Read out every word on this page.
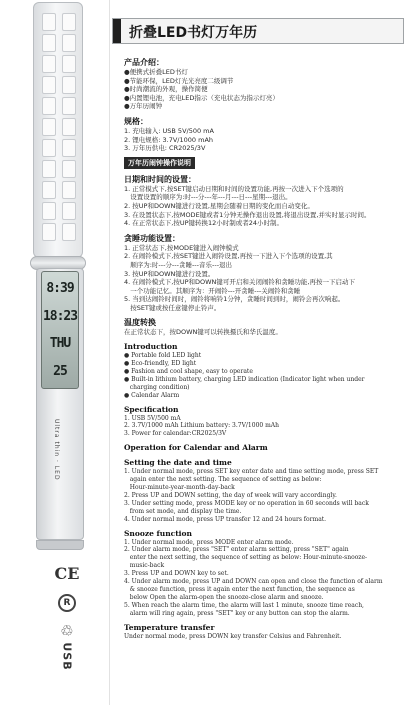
8:39
18:23
THU
25
Ultra thin · LED
CE
R
♲
USB
折叠LED书灯万年历
产品介绍：
●便携式折叠LED书灯
●节能环保，LED灯光光亮度二级调节
●时尚潮流的外观，操作简便
●内置锂电池，充电LED指示（充电状态为指示灯亮）
●万年历闹钟
规格：
1. 充电输入: USB 5V/500 mA
2. 锂电规格: 3.7V/1000 mAh
3. 万年历供电: CR2025/3V
万年历闹钟操作说明
日期和时间的设置：
1. 正常模式下,按SET键启动日期和时间的设置功能,再按一次进入下个选项的
设置设置的顺序为:时---分---年---月---日---星期---退出。
2. 按UP和DOWN键进行设置,星期会随着日期的变化而自动变化。
3. 在设置状态下,按MODE键或者1分钟无操作退出设置,将退出设置,并实时显示时间。
4. 在正常状态下,按UP键转换12小时制或者24小时制。
贪睡功能设置：
1. 正常状态下,按MODE键进入闹钟模式
2. 在闹铃模式下,按SET键进入闹铃设置,再按一下进入下个选项的设置,其
顺序为:时---分---贪睡---音乐---退出
3. 按UP和DOWN键进行设置。
4. 在闹铃模式下,按UP和DOWN键可开启和关闭闹铃和贪睡功能,再按一下启动下
一个功能记忆。其顺序为：开闹铃---开贪睡---关闹铃和贪睡
5. 当到达闹铃时间时，闹铃将响铃1分钟，贪睡时间到时，闹铃会再次响起。
按SET键或按任意键停止铃声。
温度转换
在正常状态下，按DOWN键可以转换摄氏和华氏温度。
Introduction
● Portable fold LED light
● Eco-friendly, ED light
● Fashion and cool shape, easy to operate
● Built-in lithium battery, charging LED indication (Indicator light when under
charging condition)
● Calendar Alarm
Specification
1. USB 5V/500 mA
2. 3.7V/1000 mAh Lithium battery: 3.7V/1000 mAh
3. Power for calendar:CR2025/3V
Operation for Calendar and Alarm
Setting the date and time
1. Under normal mode, press SET key enter date and time setting mode, press SET
again enter the next setting. The sequence of setting as below:
Hour-minute-year-month-day-back
2. Press UP and DOWN setting, the day of week will vary accordingly.
3. Under setting mode, press MODE key or no operation in 60 seconds will back
from set mode, and display the time.
4. Under normal mode, press UP transfer 12 and 24 hours format.
Snooze function
1. Under normal mode, press MODE enter alarm mode.
2. Under alarm mode, press "SET" enter alarm setting, press "SET" again
enter the next setting, the sequence of setting as below: Hour-minute-snooze-
music-back
3. Press UP and DOWN key to set.
4. Under alarm mode, press UP and DOWN can open and close the function of alarm
& snooze function, press it again enter the next function, the sequence as
below Open the alarm-open the snooze-close alarm and snooze.
5. When reach the alarm time, the alarm will last 1 minute, snooze time reach,
alarm will ring again, press "SET" key or any button can stop the alarm.
Temperature transfer
Under normal mode, press DOWN key transfer Celsius and Fahrenheit.
